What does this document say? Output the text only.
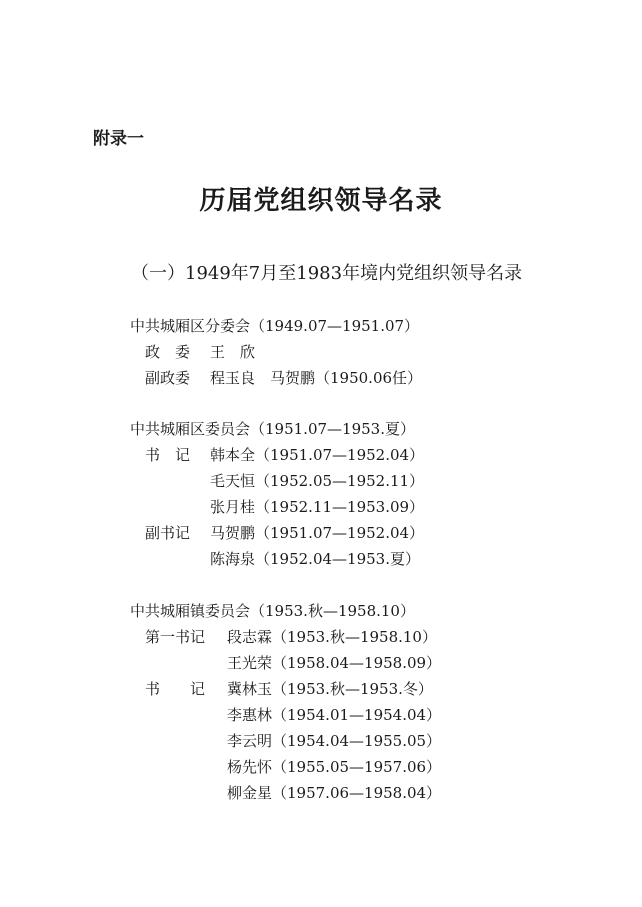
附录一
历届党组织领导名录
（一）1949年7月至1983年境内党组织领导名录
中共城厢区分委会（1949.07—1951.07）
政　委 王　欣
副政委 程玉良　马贺鹏（1950.06任）
中共城厢区委员会（1951.07—1953.夏）
书　记 韩本全（1951.07—1952.04）
毛天恒（1952.05—1952.11）
张月桂（1952.11—1953.09）
副书记 马贺鹏（1951.07—1952.04）
陈海泉（1952.04—1953.夏）
中共城厢镇委员会（1953.秋—1958.10）
第一书记 段志霖（1953.秋—1958.10）
王光荣（1958.04—1958.09）
书　　记 冀林玉（1953.秋—1953.冬）
李惠林（1954.01—1954.04）
李云明（1954.04—1955.05）
杨先怀（1955.05—1957.06）
柳金星（1957.06—1958.04）
